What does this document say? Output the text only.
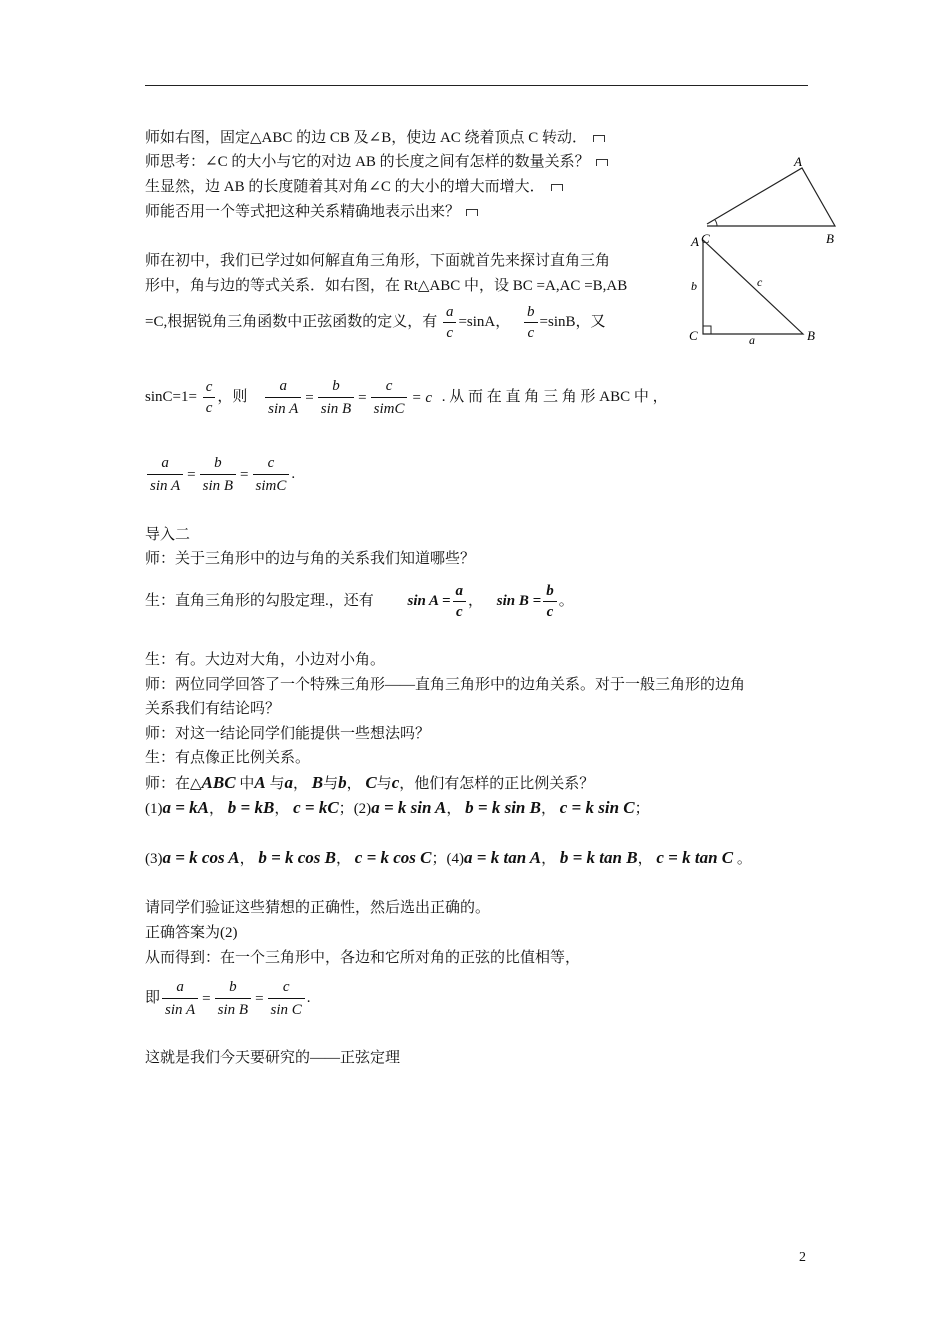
A
C	B
A
C	B
a
b	c
师如右图，固定△ABC 的边 CB 及∠B，使边 AC 绕着顶点 C 转动．
师思考：∠C 的大小与它的对边 AB 的长度之间有怎样的数量关系？
生显然，边 AB 的长度随着其对角∠C 的大小的增大而增大．
师能否用一个等式把这种关系精确地表示出来？
师在初中，我们已学过如何解直角三角形，下面就首先来探讨直角三角
形中，角与边的等式关系．如右图，在 Rt△ABC 中，设 BC =A,AC =B,AB
=C,根据锐角三角函数中正弦函数的定义，有 $\frac{a}{c} =\sin A$， $\frac{b}{c} =\sin B$，又
$\sin C=1= \frac{c}{c}$ ，则 $\frac{a}{\text{sin A}} = \frac{b}{\text{sin B}} = \frac{c}{\text{simC}} = c$ . 从 而 在 直 角 三 角 形 ABC 中 ，
$\frac{a}{\text{sin A}} = \frac{b}{\text{sin B}} = \frac{c}{\text{simC}}$ .
导入二
师：关于三角形中的边与角的关系我们知道哪些？
生：直角三角形的勾股定理.，还有 $\sin A = \frac{a}{c}$ ， $\sin B = \frac{b}{c}$ 。
生：有。大边对大角，小边对小角。
师：两位同学回答了一个特殊三角形——直角三角形中的边角关系。对于一般三角形的边角
关系我们有结论吗？
师：对这一结论同学们能提供一些想法吗？
生：有点像正比例关系。
师：在△ABC 中A 与a， B与b， C与c，他们有怎样的正比例关系？
(1)a = kA， b = kB， c = kC；(2)a = k sin A， b = k sin B， c = k sin C；
(3)a = k cos A， b = k cos B， c = k cos C；(4)a = k tan A， b = k tan B， c = k tan C 。
请同学们验证这些猜想的正确性，然后选出正确的。
正确答案为(2)
从而得到：在一个三角形中，各边和它所对角的正弦的比值相等，
即 $\frac{a}{\text{sin A}} = \frac{b}{\text{sin B}} = \frac{c}{\text{sin C}}$ .
这就是我们今天要研究的——正弦定理
2
